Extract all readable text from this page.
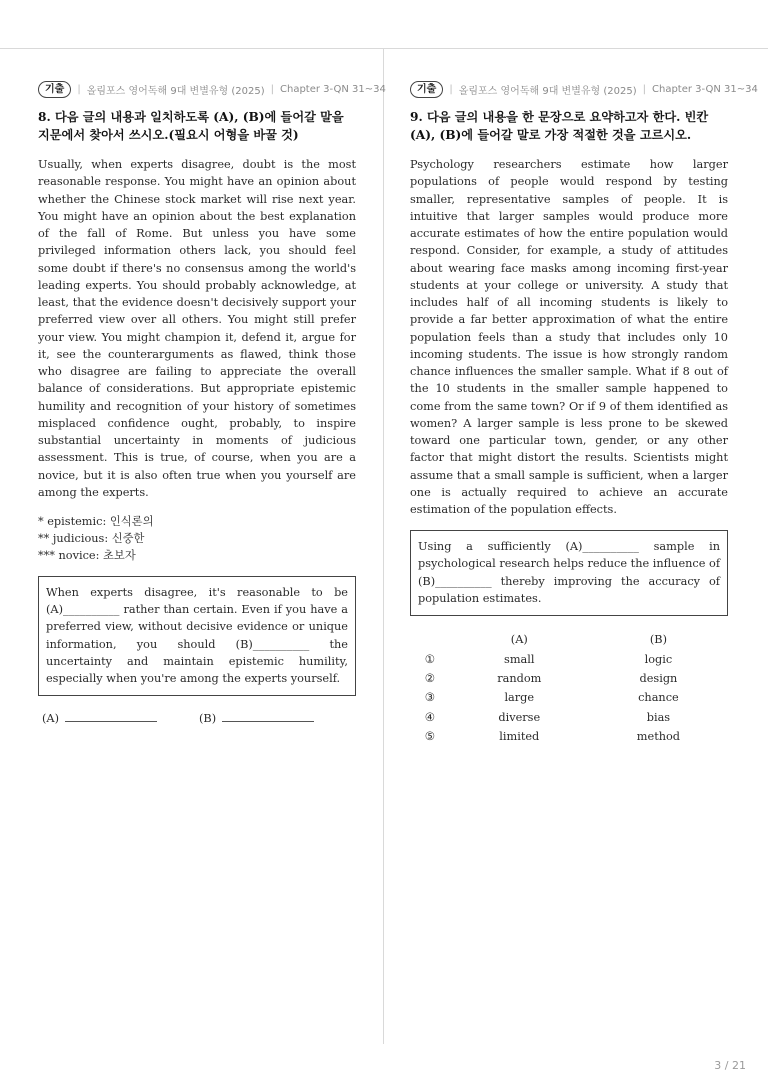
기출	| 올림포스 영어독해 9대 변별유형 (2025) | Chapter 3-QN 31~34
8. 다음 글의 내용과 일치하도록 (A), (B)에 들어갈 말을 지문에서 찾아서 쓰시오.(필요시 어형을 바꿀 것)
Usually, when experts disagree, doubt is the most reasonable response. You might have an opinion about whether the Chinese stock market will rise next year. You might have an opinion about the best explanation of the fall of Rome. But unless you have some privileged information others lack, you should feel some doubt if there's no consensus among the world's leading experts. You should probably acknowledge, at least, that the evidence doesn't decisively support your preferred view over all others. You might still prefer your view. You might champion it, defend it, argue for it, see the counterarguments as flawed, think those who disagree are failing to appreciate the overall balance of considerations. But appropriate epistemic humility and recognition of your history of sometimes misplaced confidence ought, probably, to inspire substantial uncertainty in moments of judicious assessment. This is true, of course, when you are a novice, but it is also often true when you yourself are among the experts.
* epistemic: 인식론의
** judicious: 신중한
*** novice: 초보자
When experts disagree, it's reasonable to be (A)__________ rather than certain. Even if you have a preferred view, without decisive evidence or unique information, you should (B)__________ the uncertainty and maintain epistemic humility, especially when you're among the experts yourself.
(A)	(B)
기출	| 올림포스 영어독해 9대 변별유형 (2025) | Chapter 3-QN 31~34
9. 다음 글의 내용을 한 문장으로 요약하고자 한다. 빈칸 (A), (B)에 들어갈 말로 가장 적절한 것을 고르시오.
Psychology researchers estimate how larger populations of people would respond by testing smaller, representative samples of people. It is intuitive that larger samples would produce more accurate estimates of how the entire population would respond. Consider, for example, a study of attitudes about wearing face masks among incoming first-year students at your college or university. A study that includes half of all incoming students is likely to provide a far better approximation of what the entire population feels than a study that includes only 10 incoming students. The issue is how strongly random chance influences the smaller sample. What if 8 out of the 10 students in the smaller sample happened to come from the same town? Or if 9 of them identified as women? A larger sample is less prone to be skewed toward one particular town, gender, or any other factor that might distort the results. Scientists might assume that a small sample is sufficient, when a larger one is actually required to achieve an accurate estimation of the population effects.
Using a sufficiently (A)__________ sample in psychological research helps reduce the influence of (B)__________ thereby improving the accuracy of population estimates.
	(A)	(B)
①	small	logic
②	random	design
③	large	chance
④	diverse	bias
⑤	limited	method
3 / 21
